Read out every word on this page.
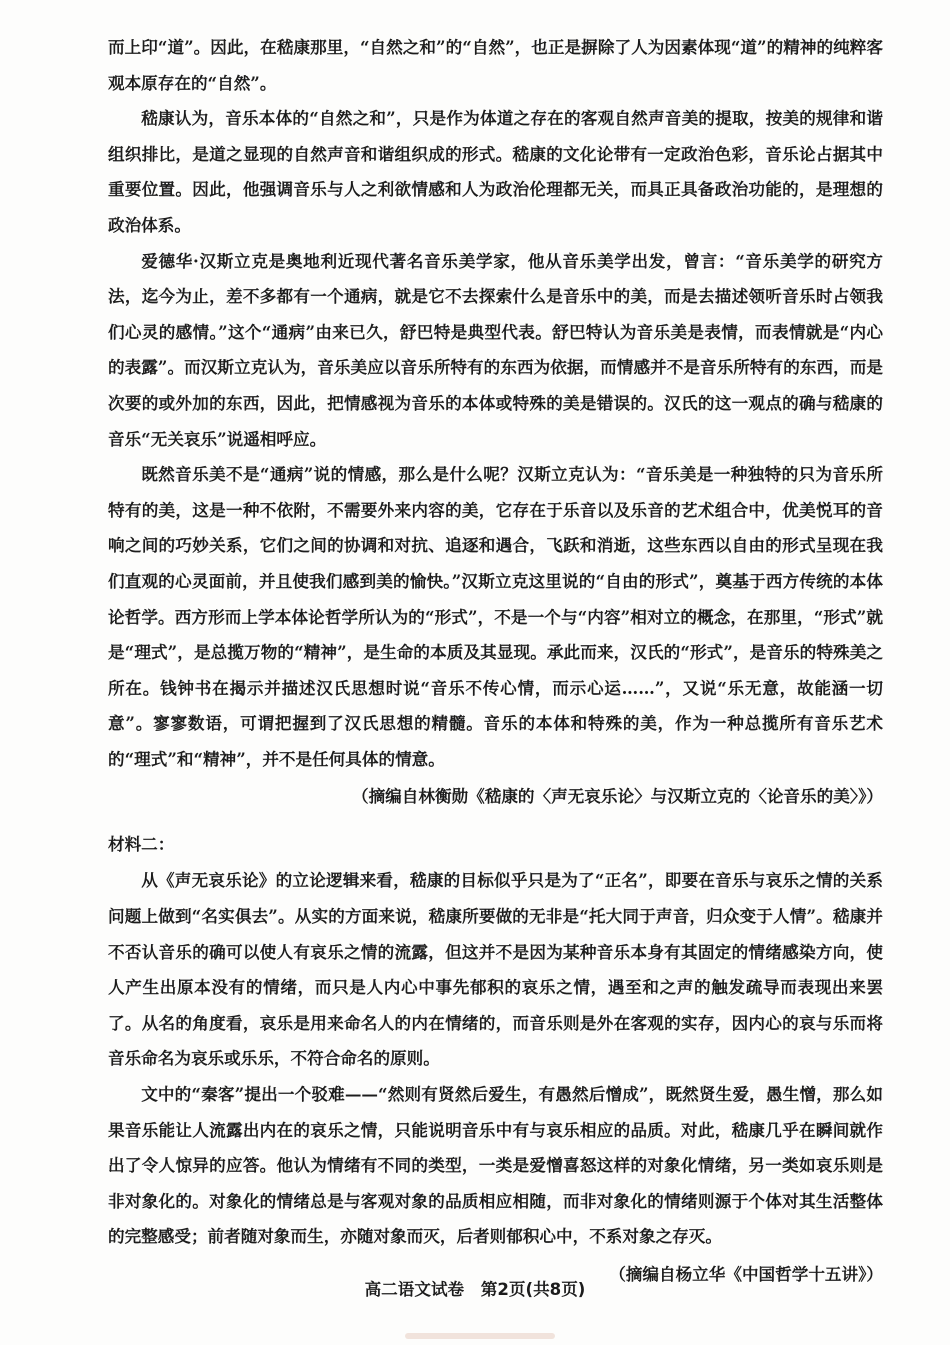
而上印“道”。因此，在嵇康那里，“自然之和”的“自然”，也正是摒除了人为因素体现“道”的精神的纯粹客观本原存在的“自然”。

嵇康认为，音乐本体的“自然之和”，只是作为体道之存在的客观自然声音美的提取，按美的规律和谐组织排比，是道之显现的自然声音和谐组织成的形式。嵇康的文化论带有一定政治色彩，音乐论占据其中重要位置。因此，他强调音乐与人之利欲情感和人为政治伦理都无关，而具正具备政治功能的，是理想的政治体系。

爱德华·汉斯立克是奥地利近现代著名音乐美学家，他从音乐美学出发，曾言：“音乐美学的研究方法，迄今为止，差不多都有一个通病，就是它不去探索什么是音乐中的美，而是去描述领听音乐时占领我们心灵的感情。”这个“通病”由来已久，舒巴特是典型代表。舒巴特认为音乐美是表情，而表情就是“内心的表露”。而汉斯立克认为，音乐美应以音乐所特有的东西为依据，而情感并不是音乐所特有的东西，而是次要的或外加的东西，因此，把情感视为音乐的本体或特殊的美是错误的。汉氏的这一观点的确与嵇康的音乐“无关哀乐”说遥相呼应。

既然音乐美不是“通病”说的情感，那么是什么呢？汉斯立克认为：“音乐美是一种独特的只为音乐所特有的美，这是一种不依附，不需要外来内容的美，它存在于乐音以及乐音的艺术组合中，优美悦耳的音响之间的巧妙关系，它们之间的协调和对抗、追逐和遇合，飞跃和消逝，这些东西以自由的形式呈现在我们直观的心灵面前，并且使我们感到美的愉快。”汉斯立克这里说的“自由的形式”，奠基于西方传统的本体论哲学。西方形而上学本体论哲学所认为的“形式”，不是一个与“内容”相对立的概念，在那里，“形式”就是“理式”，是总揽万物的“精神”，是生命的本质及其显现。承此而来，汉氏的“形式”，是音乐的特殊美之所在。钱钟书在揭示并描述汉氏思想时说“音乐不传心情，而示心运……”，又说“乐无意，故能涵一切意”。寥寥数语，可谓把握到了汉氏思想的精髓。音乐的本体和特殊的美，作为一种总揽所有音乐艺术的“理式”和“精神”，并不是任何具体的情意。

（摘编自林衡勋《嵇康的〈声无哀乐论〉与汉斯立克的〈论音乐的美〉》）

材料二：

从《声无哀乐论》的立论逻辑来看，嵇康的目标似乎只是为了“正名”，即要在音乐与哀乐之情的关系问题上做到“名实俱去”。从实的方面来说，嵇康所要做的无非是“托大同于声音，归众变于人情”。嵇康并不否认音乐的确可以使人有哀乐之情的流露，但这并不是因为某种音乐本身有其固定的情绪感染方向，使人产生出原本没有的情绪，而只是人内心中事先郁积的哀乐之情，遇至和之声的触发疏导而表现出来罢了。从名的角度看，哀乐是用来命名人的内在情绪的，而音乐则是外在客观的实存，因内心的哀与乐而将音乐命名为哀乐或乐乐，不符合命名的原则。

文中的“秦客”提出一个驳难——“然则有贤然后爱生，有愚然后憎成”，既然贤生爱，愚生憎，那么如果音乐能让人流露出内在的哀乐之情，只能说明音乐中有与哀乐相应的品质。对此，嵇康几乎在瞬间就作出了令人惊异的应答。他认为情绪有不同的类型，一类是爱憎喜怒这样的对象化情绪，另一类如哀乐则是非对象化的。对象化的情绪总是与客观对象的品质相应相随，而非对象化的情绪则源于个体对其生活整体的完整感受；前者随对象而生，亦随对象而灭，后者则郁积心中，不系对象之存灭。

（摘编自杨立华《中国哲学十五讲》）

高二语文试卷　第2页(共8页)
